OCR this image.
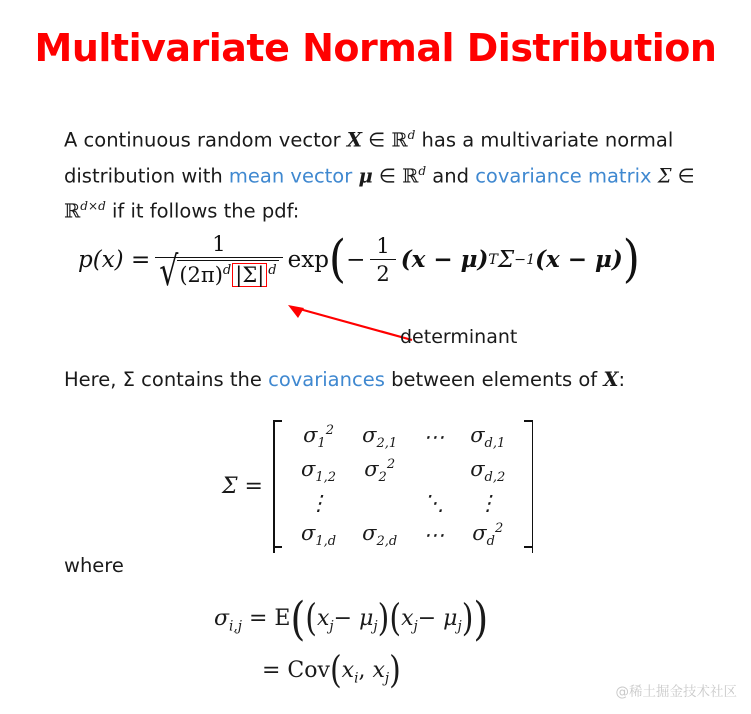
Multivariate Normal Distribution
A continuous random vector X ∈ ℝ$^d$ has a multivariate normal distribution with mean vector μ ∈ ℝ$^d$ and covariance matrix Σ ∈ ℝ$^{d\times d}$ if it follows the pdf:
$p(x) = \frac{1}{√ (2\pi)^d |\Sigma| ^d}$ exp ( − $\frac{1}{2} (x - \mu)$ T Σ −1 (x − μ) )
determinant
Here, Σ contains the covariances between elements of X:
Σ =
$\sigma_1^2$	$\sigma_{2,1}$	⋯	$\sigma_{d,1}$
$\sigma_{1,2}$	$\sigma_2^2$		$\sigma_{d,2}$
⋮		⋱	⋮
$\sigma_{1,d}$	$\sigma_{2,d}$	⋯	$\sigma_d^2$
where
$\sigma_{i,j} = E((x_j- \mu_j)(x_j- \mu_j))$
= $Cov(x_i$, $x_j$)	@稀土掘金技术社区
